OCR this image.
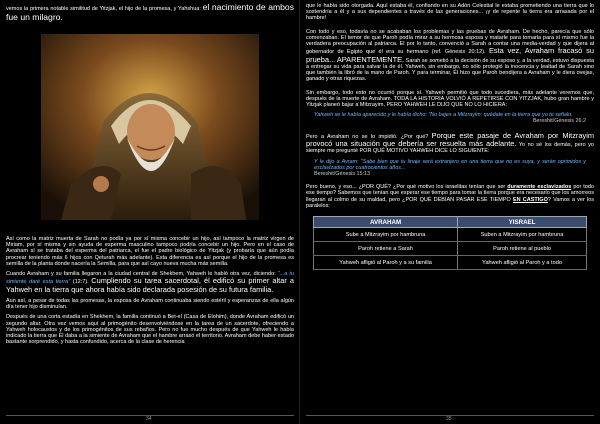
vemos la primera notable similitud de Yitzjak, el hijo de la promesa, y Yahshua: el nacimiento de ambos fue un milagro.

Así como la matriz muerta de Sarah no podía ya por sí misma concebir un hijo, así tampoco la matriz virgen de Miriam, por sí misma y sin ayuda de esperma masculino tampoco podría concebir un hijo. Pero en el caso de Avraham sí se trataba del esperma del patriarca, el fue el padre biológico de Yitzjak (y probaría que aún podía procrear teniendo más 6 hijos con Qeturah más adelante). Esta diferencia es así porque el hijo de la promesa es semilla de la planta donde nacería la Semilla, para que así cayo nueva mucha más semilla.

Cuando Avraham y su familia llegaron a la ciudad central de Shekhem, Yahweh le habló otra vez, diciendo: "...a tu simiente daré esta tierra" (12:7). Cumpliendo su tarea sacerdotal, él edificó su primer altar a Yahweh en la tierra que ahora había sido declarada posesión de su futura familia.

Aun así, a pesar de todas las promesas, la esposa de Avraham continuaba siendo estéril y esperanzas de ella algún día tener hijo disminuían.

Después de una corta estadía en Shekhem, la familia continuó a Bet-el (Casa de Elohim), donde Avraham edificó un segundo altar. Otra vez vemos aquí al primogénito desenvolviéndose en la tarea de un sacerdote, ofreciendo a Yahweh holocaustos y de los primogénitos de sus rebaños. Pero no fue mucho después de que Yahweh le había indicado la tierra que Él daba a la simiente de Avraham que el hambre arrasó el territorio. Avraham debe haber estado bastante sorprendido, y hasta confundido, acerca de la clase de herencia

34

que le había sido otorgada. Aquí estaba él, confiando en su Adón Celestial le estaba prometiendo una tierra que lo sostendría a él y a sus dependientes a través de las generaciones... ¡y de repente la tierra era arrasada por el hambre!

Con todo y eso, todavía no se acababan los problemas y las pruebas de Avraham. De hecho, parecía que sólo comenzaban. El temor de que Paroh podía mirar a su hermosa esposa y matarle para tomarla para sí mismo fue la verdadera preocupación al patriarca. El por lo tanto, convenció a Sarah a contar una media-verdad y que dijera al gobernador de Egipto que él era su hermano (ref. Génesis 20:12). Esta vez, Avraham fracasó su prueba... APARENTEMENTE. Sarah se sometió a la decisión de su esposo y, a la verdad, estuvo dispuesta a entregar su vida para salvar la de él. Yahweh, sin embargo, no sólo protegió la inocencia y lealtad de Sarah sino que también la libró de la mano de Paroh. Y para terminar, Él hizo que Paroh bendijera a Avraham y le diera ovejas, ganado y otras riquezas.

Sin embargo, todo esto no ocurrió porque sí. Yahweh permitió que todo sucediera, más adelante veremos que, después de la muerte de Avraham. TODA LA HISTORIA VOLVIÓ A REPETIRSE CON YITZJAK, hubo gran hambre y Yitzjak planeó bajar a Mitzrayim, PERO YAHWEH LE DIJO QUE NO LO HICIERA:

Yahweh se le había aparecido y le había dicho: "No bajes a Mitzrayim; quédate en la tierra que yo te señalo.

Bereshit/Génesis 26:2

Pero a Avraham no se lo impidió. ¿Por qué? Porque este pasaje de Avraham por Mitzrayim provocó una situación que debería ser resuelta más adelante. Yo no sé los demás, pero yo siempre me pregunté POR QUÉ MOTIVO YAHWEH DICE LO SIGUIENTE:

Y le dijo a Avram: "Sabe bien que tu linaje será extranjero en una tierra que no es suya, y serán oprimidos y esclavizados por cuatrocientos años...

Bereshit/Génesis 15:13

Pero bueno, y eso... ¿POR QUÉ? ¿Por qué motivo los israelitas tenían que ser duramente esclavizados por todo ese tiempo? Sabemos que tenían que esperar ese tiempo para tomar la tierra porque era necesario que los amorreos llegaran al colmo de su maldad, pero ¿POR QUÉ DEBÍAN PASAR ESE TIEMPO EN CASTIGO? Vamos a ver los paralelos:

AVRAHAM	YISRAEL
Sube a Mitzrayim por hambruna	Suben a Mitzrayim por hambruna
Paroh retiene a Sarah	Paroh retiene al pueblo
Yahweh afligió al Paroh y a su familia	Yahweh afligió al Paroh y a todo
35
